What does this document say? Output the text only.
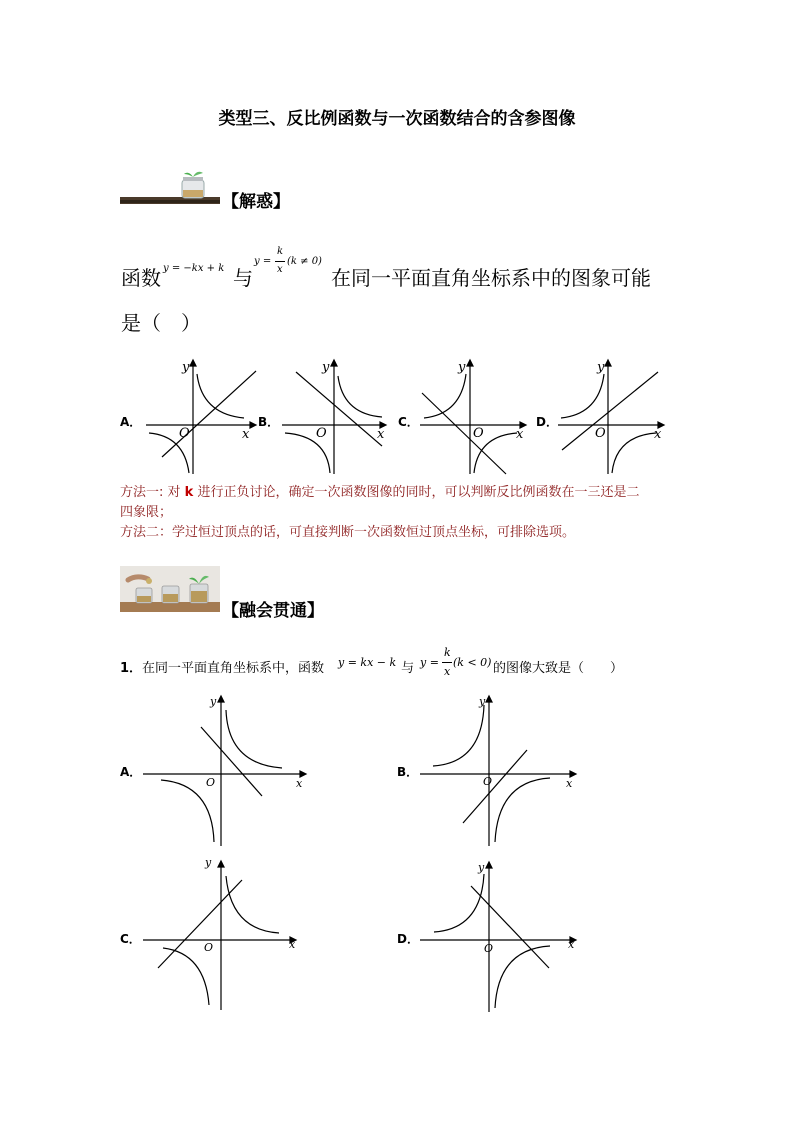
类型三、反比例函数与一次函数结合的含参图像
【解惑】
函数 y = −kx + k 与
y =
k
x
(k ≠ 0)
在同一平面直角坐标系中的图象可能
是（　）
A．	B．	C．	D．
O	x
y
O	x
y
O x
y
O	x
y
方法一: 对 k 进行正负讨论，确定一次函数图像的同时，可以判断反比例函数在一三还是二
四象限；
方法二：学过恒过顶点的话，可直接判断一次函数恒过顶点坐标，可排除选项。
【融会贯通】
1．在同一平面直角坐标系中，函数 y = kx − k 与 y =
k
x
(k < 0) 的图像大致是（　　）
A．	B．
C．	D．
O	x
y
O	x
y
O	x
y
O	x
y
